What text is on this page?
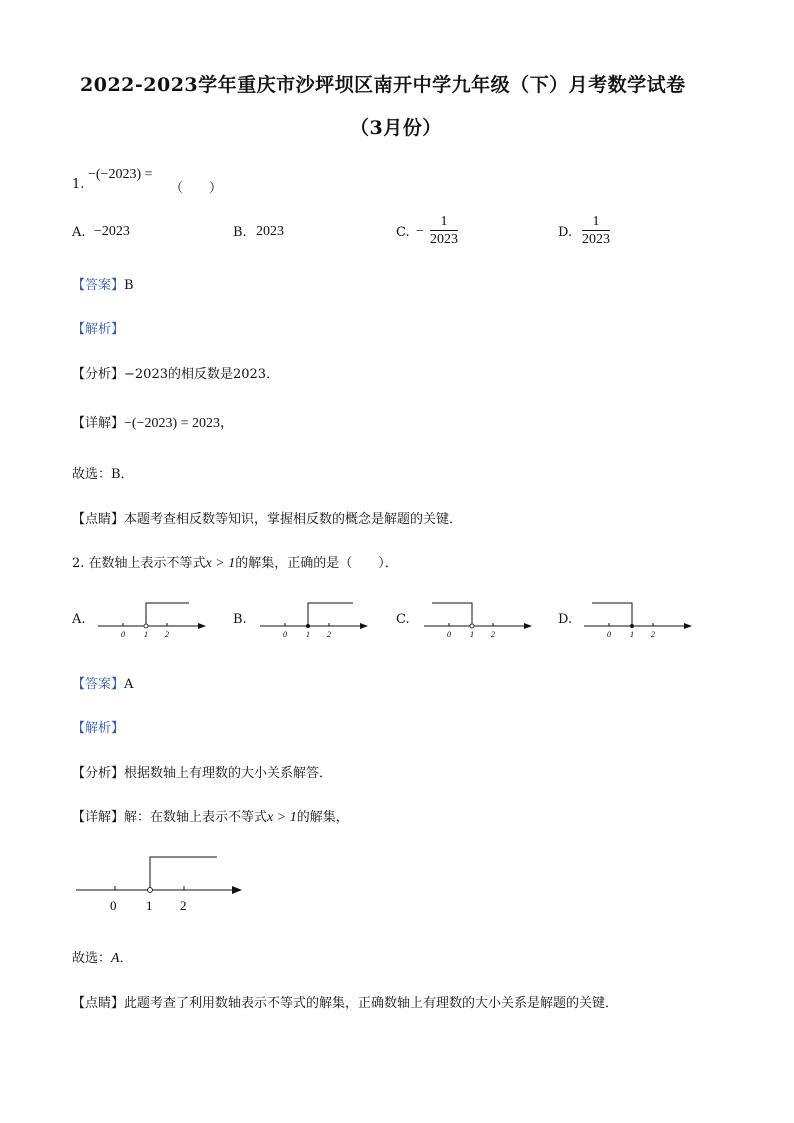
2022-2023学年重庆市沙坪坝区南开中学九年级（下）月考数学试卷
（3月份）
1.
−(−2023) =
（　　）
A. −2023	B. 2023	C. − $\frac{1}{2023}$	D. $\frac{1}{2023}$
【答案】B
【解析】
【分析】−2023的相反数是2023．
【详解】−(−2023) = 2023，
故选：B．
【点睛】本题考查相反数等知识，掌握相反数的概念是解题的关键．
2. 在数轴上表示不等式x > 1的解集，正确的是（　　）．
A.
0 1 2
B.
0 1 2
C.
0 1 2
D.
0 1 2
【答案】A
【解析】
【分析】根据数轴上有理数的大小关系解答．
【详解】解：在数轴上表示不等式x > 1的解集，
0 1 2
故选：A．
【点睛】此题考查了利用数轴表示不等式的解集，正确数轴上有理数的大小关系是解题的关键．
